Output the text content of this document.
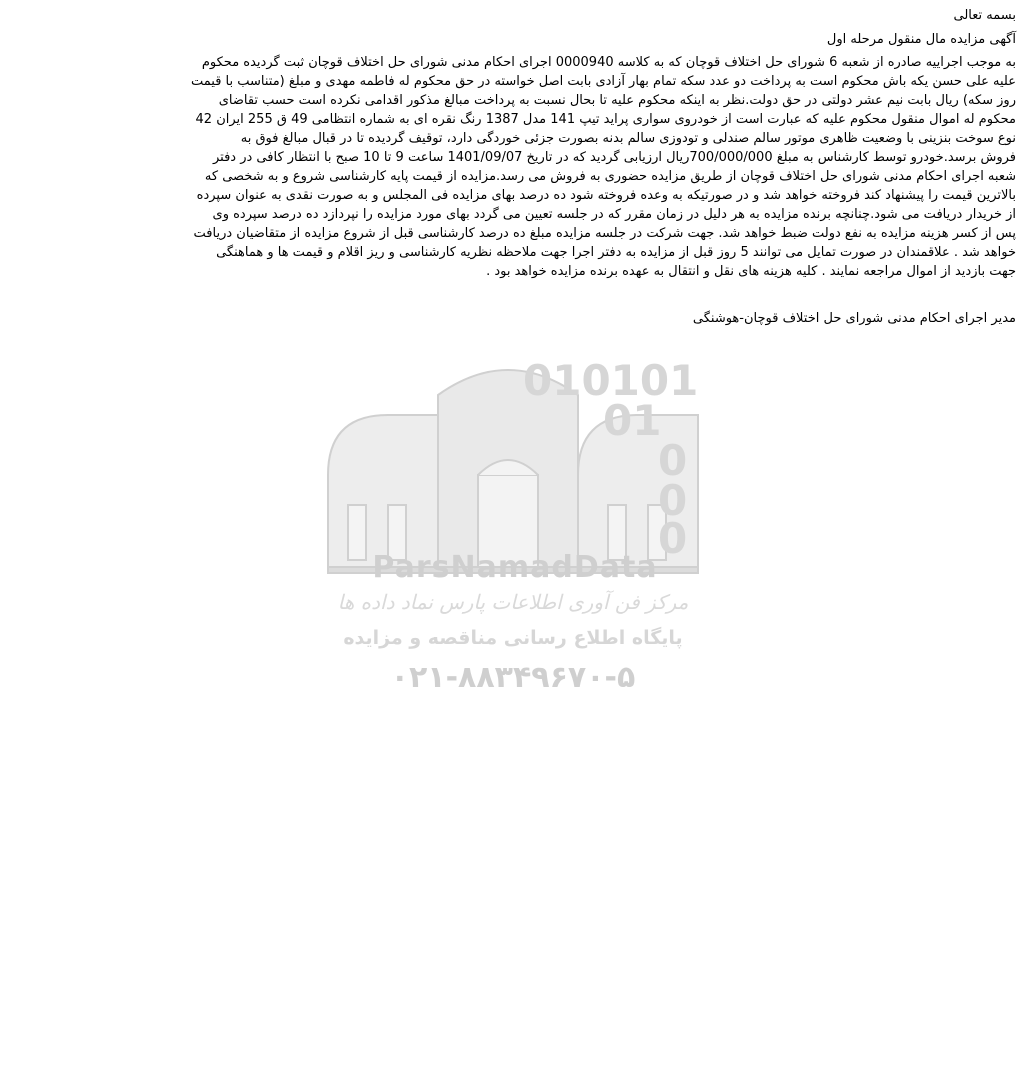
010101
01
0
0
0
ParsNamadData
مرکز فن آوری اطلاعات پارس نماد داده ها
پایگاه اطلاع رسانی مناقصه و مزایده
۰۲۱-۸۸۳۴۹۶۷۰-۵
بسمه تعالی
آگهی مزایده مال منقول مرحله اول
به موجب اجراییه صادره از شعبه 6 شورای حل اختلاف قوچان که به کلاسه 0000940 اجرای احکام مدنی شورای حل اختلاف قوچان ثبت گردیده محکوم
علیه علی حسن یکه باش محکوم است به پرداخت دو عدد سکه تمام بهار آزادی بابت اصل خواسته در حق محکوم له فاطمه مهدی و مبلغ (متناسب با قیمت
روز سکه) ریال بابت نیم عشر دولتی در حق دولت.نظر به اینکه محکوم علیه تا بحال نسبت به پرداخت مبالغ مذکور اقدامی نکرده است حسب تقاضای
محکوم له اموال منقول محکوم علیه که عبارت است از خودروی سواری پراید تیپ 141 مدل 1387 رنگ نقره ای به شماره انتظامی 49 ق 255 ایران 42
نوع سوخت بنزینی با وضعیت ظاهری موتور سالم صندلی و تودوزی سالم بدنه بصورت جزئی خوردگی دارد، توقیف گردیده تا در قبال مبالغ فوق به
فروش برسد.خودرو توسط کارشناس به مبلغ 700/000/000ریال ارزیابی گردید که در تاریخ 1401/09/07 ساعت 9 تا 10 صبح با انتظار کافی در دفتر
شعبه اجرای احکام مدنی شورای حل اختلاف قوچان از طریق مزایده حضوری به فروش می رسد.مزایده از قیمت پایه کارشناسی شروع و به شخصی که
بالاترین قیمت را پیشنهاد کند فروخته خواهد شد و در صورتیکه به وعده فروخته شود ده درصد بهای مزایده فی المجلس و به صورت نقدی به عنوان سپرده
از خریدار دریافت می شود.چنانچه برنده مزایده به هر دلیل در زمان مقرر که در جلسه تعیین می گردد بهای مورد مزایده را نپردازد ده درصد سپرده وی
پس از کسر هزینه مزایده به نفع دولت ضبط خواهد شد. جهت شرکت در جلسه مزایده مبلغ ده درصد کارشناسی قبل از شروع مزایده از متقاضیان دریافت
خواهد شد . علاقمندان در صورت تمایل می توانند 5 روز قبل از مزایده به دفتر اجرا جهت ملاحظه نظریه کارشناسی و ریز اقلام و قیمت ها و هماهنگی
جهت بازدید از اموال مراجعه نمایند . کلیه هزینه های نقل و انتقال به عهده برنده مزایده خواهد بود .
مدیر اجرای احکام مدنی شورای حل اختلاف قوچان-هوشنگی
